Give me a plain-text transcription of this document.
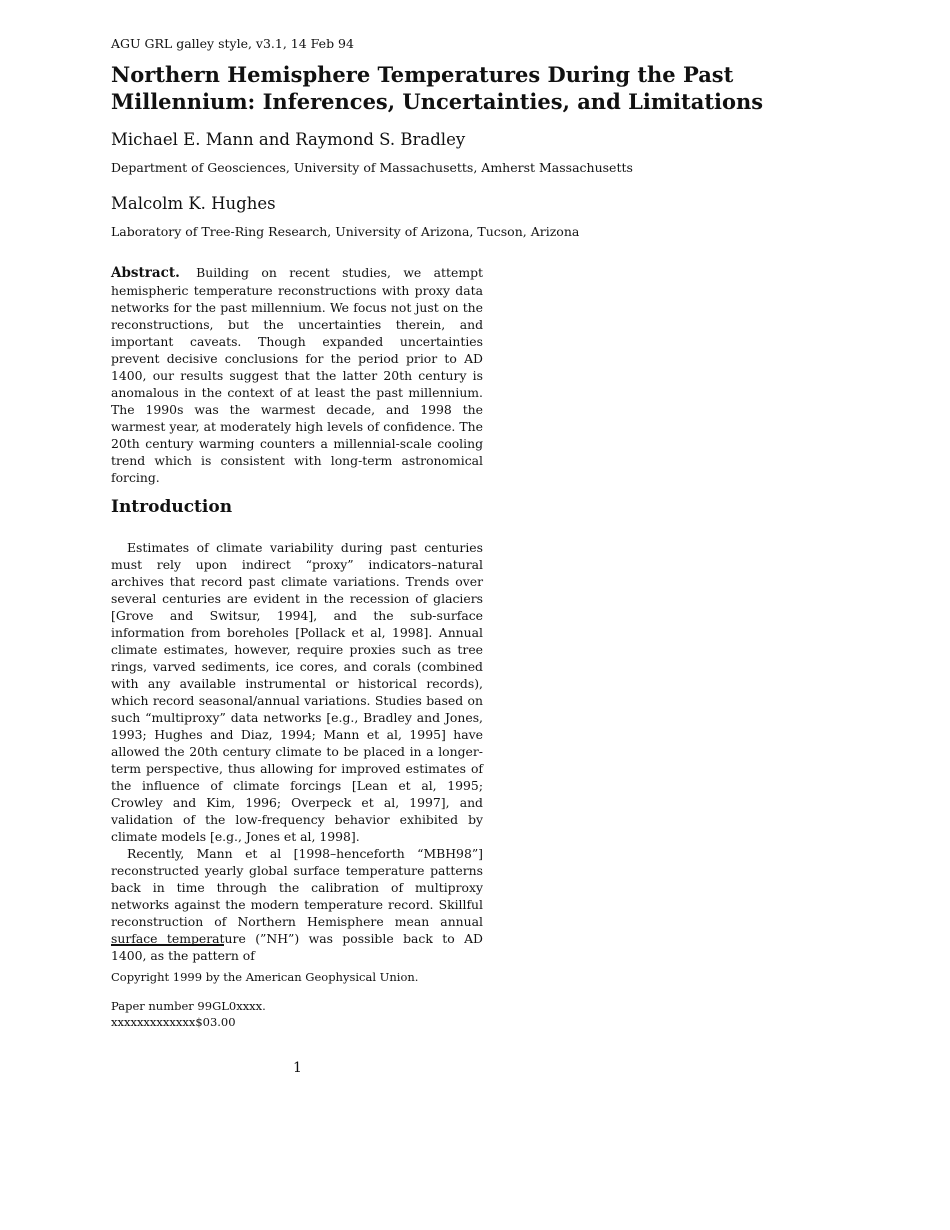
AGU GRL galley style, v3.1, 14 Feb 94
Northern Hemisphere Temperatures During the Past
Millennium: Inferences, Uncertainties, and Limitations
Michael E. Mann and Raymond S. Bradley
Department of Geosciences, University of Massachusetts, Amherst Massachusetts
Malcolm K. Hughes
Laboratory of Tree-Ring Research, University of Arizona, Tucson, Arizona

Abstract. Building on recent studies, we attempt hemispheric temperature reconstructions with proxy data networks for the past millennium. We focus not just on the reconstructions, but the uncertainties therein, and important caveats. Though expanded uncertainties prevent decisive conclusions for the period prior to AD 1400, our results suggest that the latter 20th century is anomalous in the context of at least the past millennium. The 1990s was the warmest decade, and 1998 the warmest year, at moderately high levels of confidence. The 20th century warming counters a millennial-scale cooling trend which is consistent with long-term astronomical forcing.

Introduction

Estimates of climate variability during past centuries must rely upon indirect “proxy” indicators–natural archives that record past climate variations. Trends over several centuries are evident in the recession of glaciers [Grove and Switsur, 1994], and the sub-surface information from boreholes [Pollack et al, 1998]. Annual climate estimates, however, require proxies such as tree rings, varved sediments, ice cores, and corals (combined with any available instrumental or historical records), which record seasonal/annual variations. Studies based on such “multiproxy” data networks [e.g., Bradley and Jones, 1993; Hughes and Diaz, 1994; Mann et al, 1995] have allowed the 20th century climate to be placed in a longer-term perspective, thus allowing for improved estimates of the influence of climate forcings [Lean et al, 1995; Crowley and Kim, 1996; Overpeck et al, 1997], and validation of the low-frequency behavior exhibited by climate models [e.g., Jones et al, 1998].

Recently, Mann et al [1998–henceforth “MBH98”] reconstructed yearly global surface temperature patterns back in time through the calibration of multiproxy networks against the modern temperature record. Skillful reconstruction of Northern Hemisphere mean annual surface temperature (”NH”) was possible back to AD 1400, as the pattern of

Copyright 1999 by the American Geophysical Union.
Paper number 99GL0xxxx.
xxxxxxxxxxxxx$03.00
1
